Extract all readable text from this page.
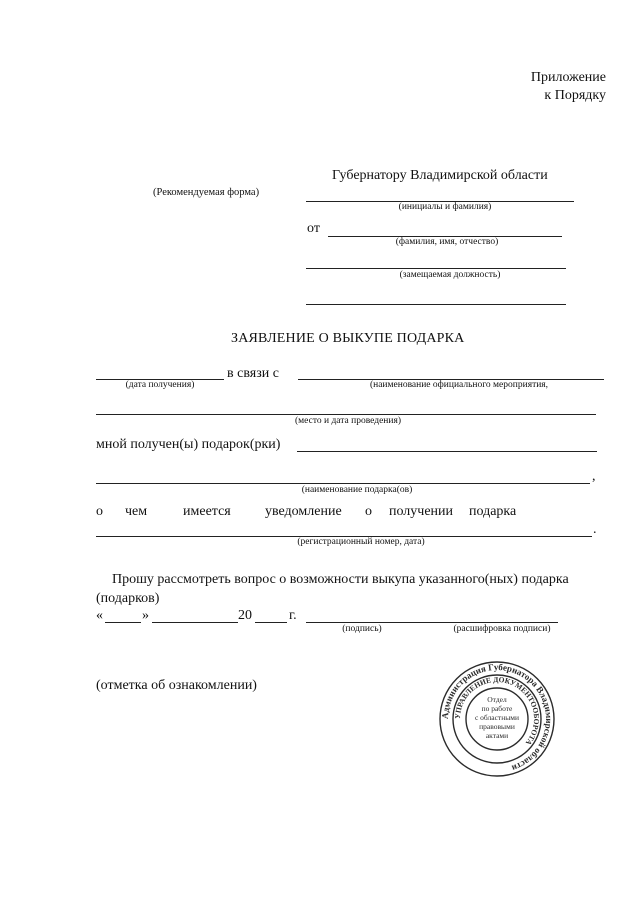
Приложение
к Порядку
(Рекомендуемая форма)
Губернатору Владимирской области
(инициалы и фамилия)
от
(фамилия, имя, отчество)
(замещаемая должность)
ЗАЯВЛЕНИЕ О ВЫКУПЕ ПОДАРКА
в связи с
(дата получения)	(наименование официального мероприятия,
(место и дата проведения)
мной получен(ы) подарок(рки)
,
(наименование подарка(ов)
о чем	имеется уведомление о получении подарка
.
(регистрационный номер, дата)
Прошу рассмотреть вопрос о возможности выкупа указанного(ных) подарка
(подарков)
«	»	20	г.
(подпись)	(расшифровка подписи)
(отметка об ознакомлении)
Администрация Губернатора Владимирской области
УПРАВЛЕНИЕ ДОКУМЕНТООБОРОТА
Отдел
по работе
с областными
правовыми
актами
